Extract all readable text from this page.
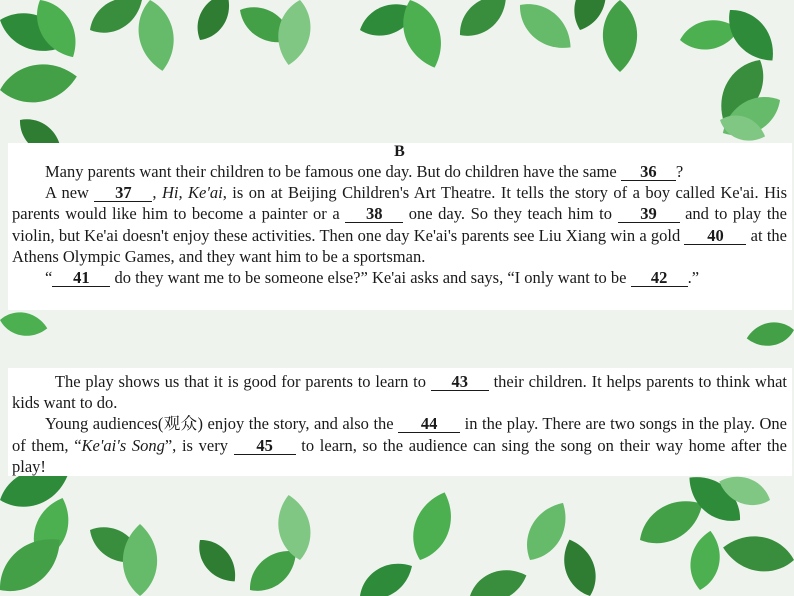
B

Many parents want their children to be famous one day. But do children have the same 36 ?

A new 37 , Hi, Ke'ai, is on at Beijing Children's Art Theatre. It tells the story of a boy called Ke'ai. His parents would like him to become a painter or a 38 one day. So they teach him to 39 and to play the violin, but Ke'ai doesn't enjoy these activities. Then one day Ke'ai's parents see Liu Xiang win a gold 40 at the Athens Olympic Games, and they want him to be a sportsman.

“ 41 do they want me to be someone else?” Ke'ai asks and says, “I only want to be 42 .”

The play shows us that it is good for parents to learn to 43 their children. It helps parents to think what kids want to do.

Young audiences(观众) enjoy the story, and also the 44 in the play. There are two songs in the play. One of them, “Ke'ai's Song”, is very 45 to learn, so the audience can sing the song on their way home after the play!
